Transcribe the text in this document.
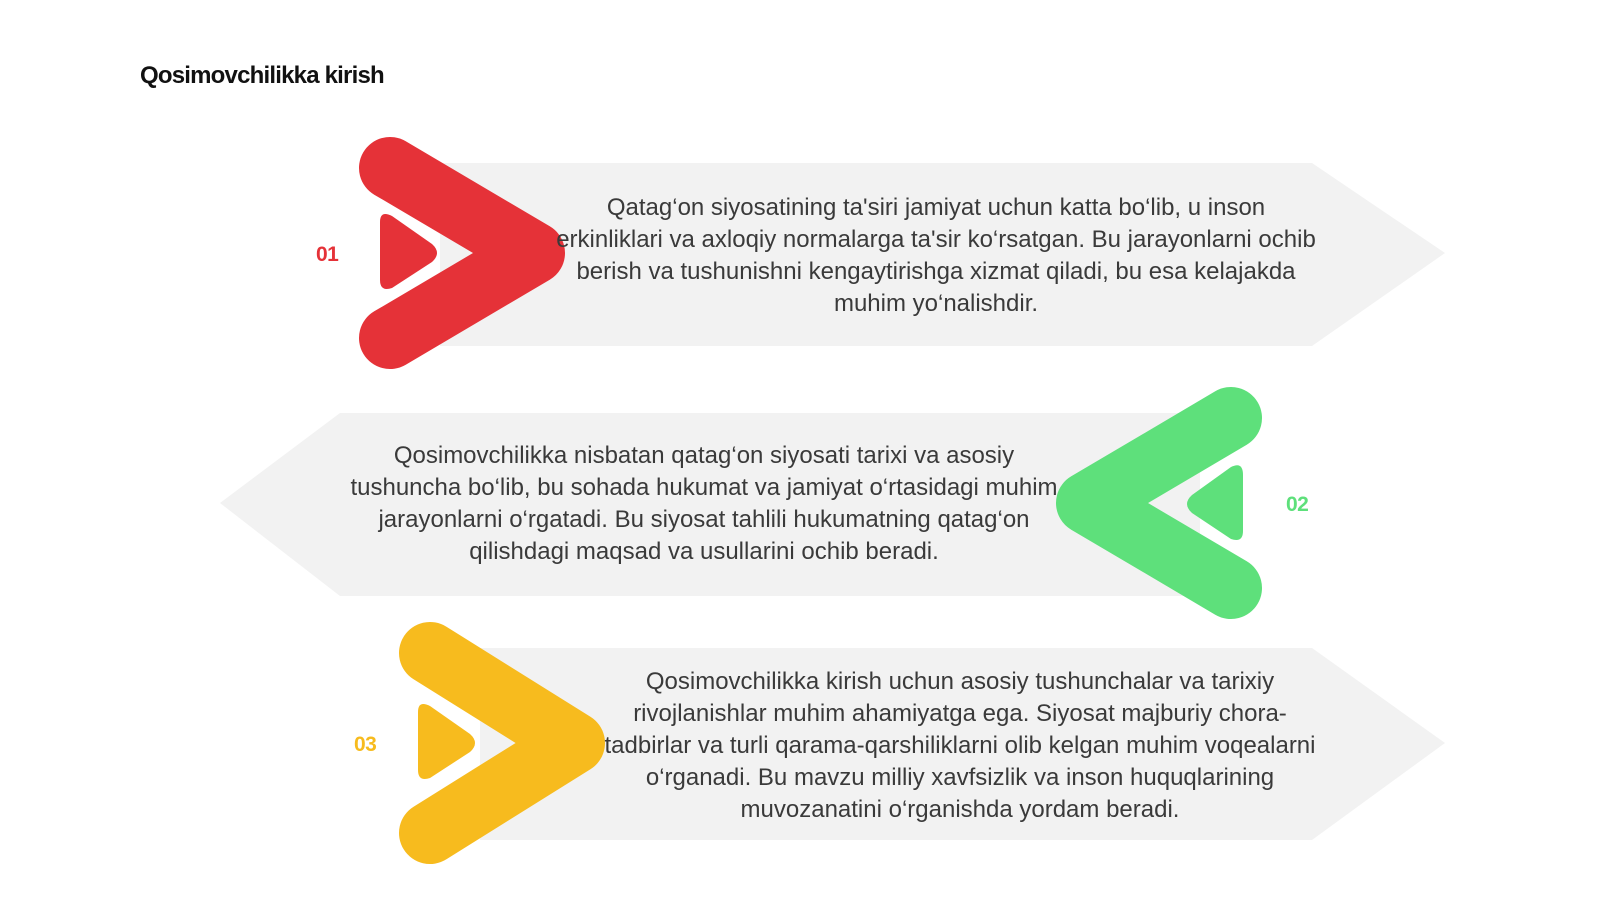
Qosimovchilikka kirish
01
Qatag‘on siyosatining ta'siri jamiyat uchun katta bo‘lib, u inson erkinliklari va axloqiy normalarga ta'sir ko‘rsatgan. Bu jarayonlarni ochib berish va tushunishni kengaytirishga xizmat qiladi, bu esa kelajakda muhim yo‘nalishdir.
02
Qosimovchilikka nisbatan qatag‘on siyosati tarixi va asosiy tushuncha bo‘lib, bu sohada hukumat va jamiyat o‘rtasidagi muhim jarayonlarni o‘rgatadi. Bu siyosat tahlili hukumatning qatag‘on qilishdagi maqsad va usullarini ochib beradi.
03
Qosimovchilikka kirish uchun asosiy tushunchalar va tarixiy rivojlanishlar muhim ahamiyatga ega. Siyosat majburiy chora-tadbirlar va turli qarama-qarshiliklarni olib kelgan muhim voqealarni o‘rganadi. Bu mavzu milliy xavfsizlik va inson huquqlarining muvozanatini o‘rganishda yordam beradi.
